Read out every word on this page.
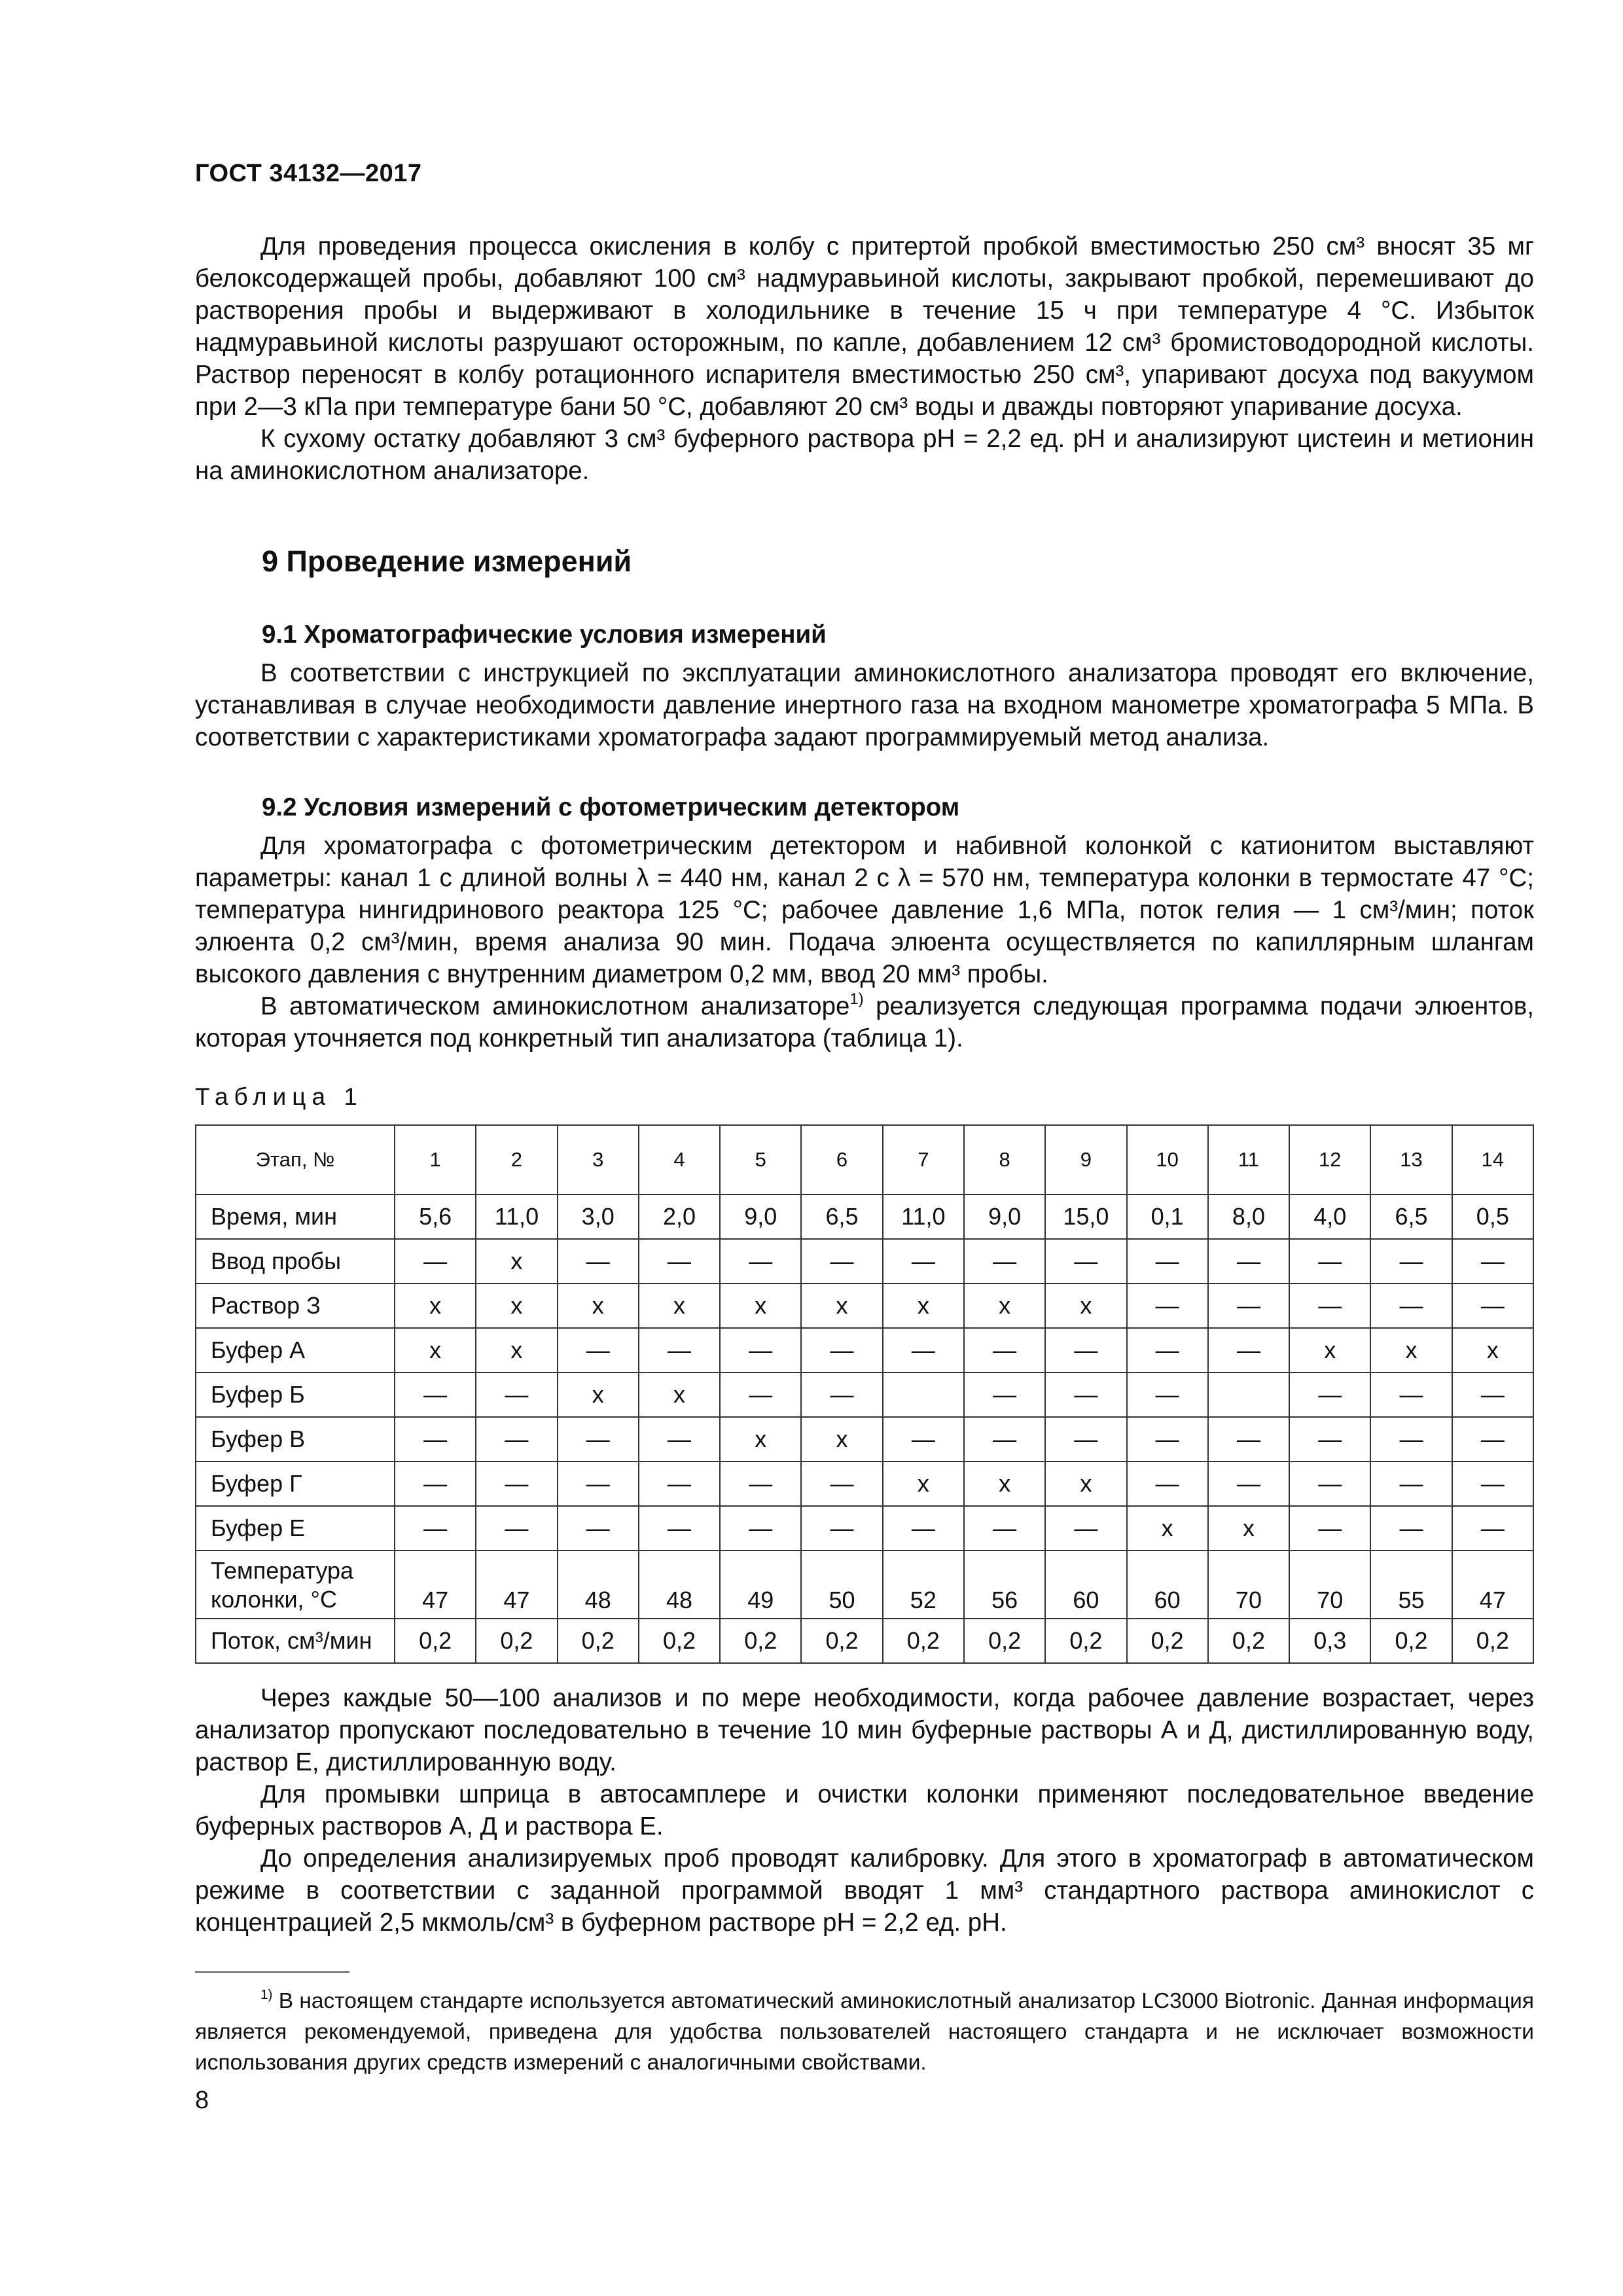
ГОСТ 34132—2017

Для проведения процесса окисления в колбу с притертой пробкой вместимостью 250 см³ вносят 35 мг белоксодержащей пробы, добавляют 100 см³ надмуравьиной кислоты, закрывают пробкой, перемешивают до растворения пробы и выдерживают в холодильнике в течение 15 ч при температуре 4 °С. Избыток надмуравьиной кислоты разрушают осторожным, по капле, добавлением 12 см³ бромистоводородной кислоты. Раствор переносят в колбу ротационного испарителя вместимостью 250 см³, упаривают досуха под вакуумом при 2—3 кПа при температуре бани 50 °С, добавляют 20 см³ воды и дважды повторяют упаривание досуха.

К сухому остатку добавляют 3 см³ буферного раствора pH = 2,2 ед. pH и анализируют цистеин и метионин на аминокислотном анализаторе.

9 Проведение измерений
9.1 Хроматографические условия измерений

В соответствии с инструкцией по эксплуатации аминокислотного анализатора проводят его включение, устанавливая в случае необходимости давление инертного газа на входном манометре хроматографа 5 МПа. В соответствии с характеристиками хроматографа задают программируемый метод анализа.

9.2 Условия измерений с фотометрическим детектором

Для хроматографа с фотометрическим детектором и набивной колонкой с катионитом выставляют параметры: канал 1 с длиной волны λ = 440 нм, канал 2 с λ = 570 нм, температура колонки в термостате 47 °С; температура нингидринового реактора 125 °С; рабочее давление 1,6 МПа, поток гелия — 1 см³/мин; поток элюента 0,2 см³/мин, время анализа 90 мин. Подача элюента осуществляется по капиллярным шлангам высокого давления с внутренним диаметром 0,2 мм, ввод 20 мм³ пробы.

В автоматическом аминокислотном анализаторе$^{1)}$ реализуется следующая программа подачи элюентов, которая уточняется под конкретный тип анализатора (таблица 1).

Таблица 1
Этап, №	1	2	3	4	5	6	7	8	9	10	11	12	13	14
Время, мин	5,6	11,0	3,0	2,0	9,0	6,5	11,0	9,0	15,0	0,1	8,0	4,0	6,5	0,5
Ввод пробы	—	x	—	—	—	—	—	—	—	—	—	—	—	—
Раствор З	x	x	x	x	x	x	x	x	x	—	—	—	—	—
Буфер А	x	x	—	—	—	—	—	—	—	—	—	x	x	x
Буфер Б	—	—	x	x	—	—		—	—	—		—	—	—
Буфер В	—	—	—	—	x	x	—	—	—	—	—	—	—	—
Буфер Г	—	—	—	—	—	—	x	x	x	—	—	—	—	—
Буфер Е	—	—	—	—	—	—	—	—	—	x	x	—	—	—

Температура
колонки, °С	47	47	48	48	49	50	52	56	60	60	70	70	55	47
Поток, см³/мин	0,2	0,2	0,2	0,2	0,2	0,2	0,2	0,2	0,2	0,2	0,2	0,3	0,2	0,2

Через каждые 50—100 анализов и по мере необходимости, когда рабочее давление возрастает, через анализатор пропускают последовательно в течение 10 мин буферные растворы А и Д, дистиллированную воду, раствор Е, дистиллированную воду.

Для промывки шприца в автосамплере и очистки колонки применяют последовательное введение буферных растворов А, Д и раствора Е.

До определения анализируемых проб проводят калибровку. Для этого в хроматограф в автоматическом режиме в соответствии с заданной программой вводят 1 мм³ стандартного раствора аминокислот с концентрацией 2,5 мкмоль/см³ в буферном растворе pH = 2,2 ед. pH.

$^{1)}$ В настоящем стандарте используется автоматический аминокислотный анализатор LC3000 Biotronic. Данная информация является рекомендуемой, приведена для удобства пользователей настоящего стандарта и не исключает возможности использования других средств измерений с аналогичными свойствами.

8
